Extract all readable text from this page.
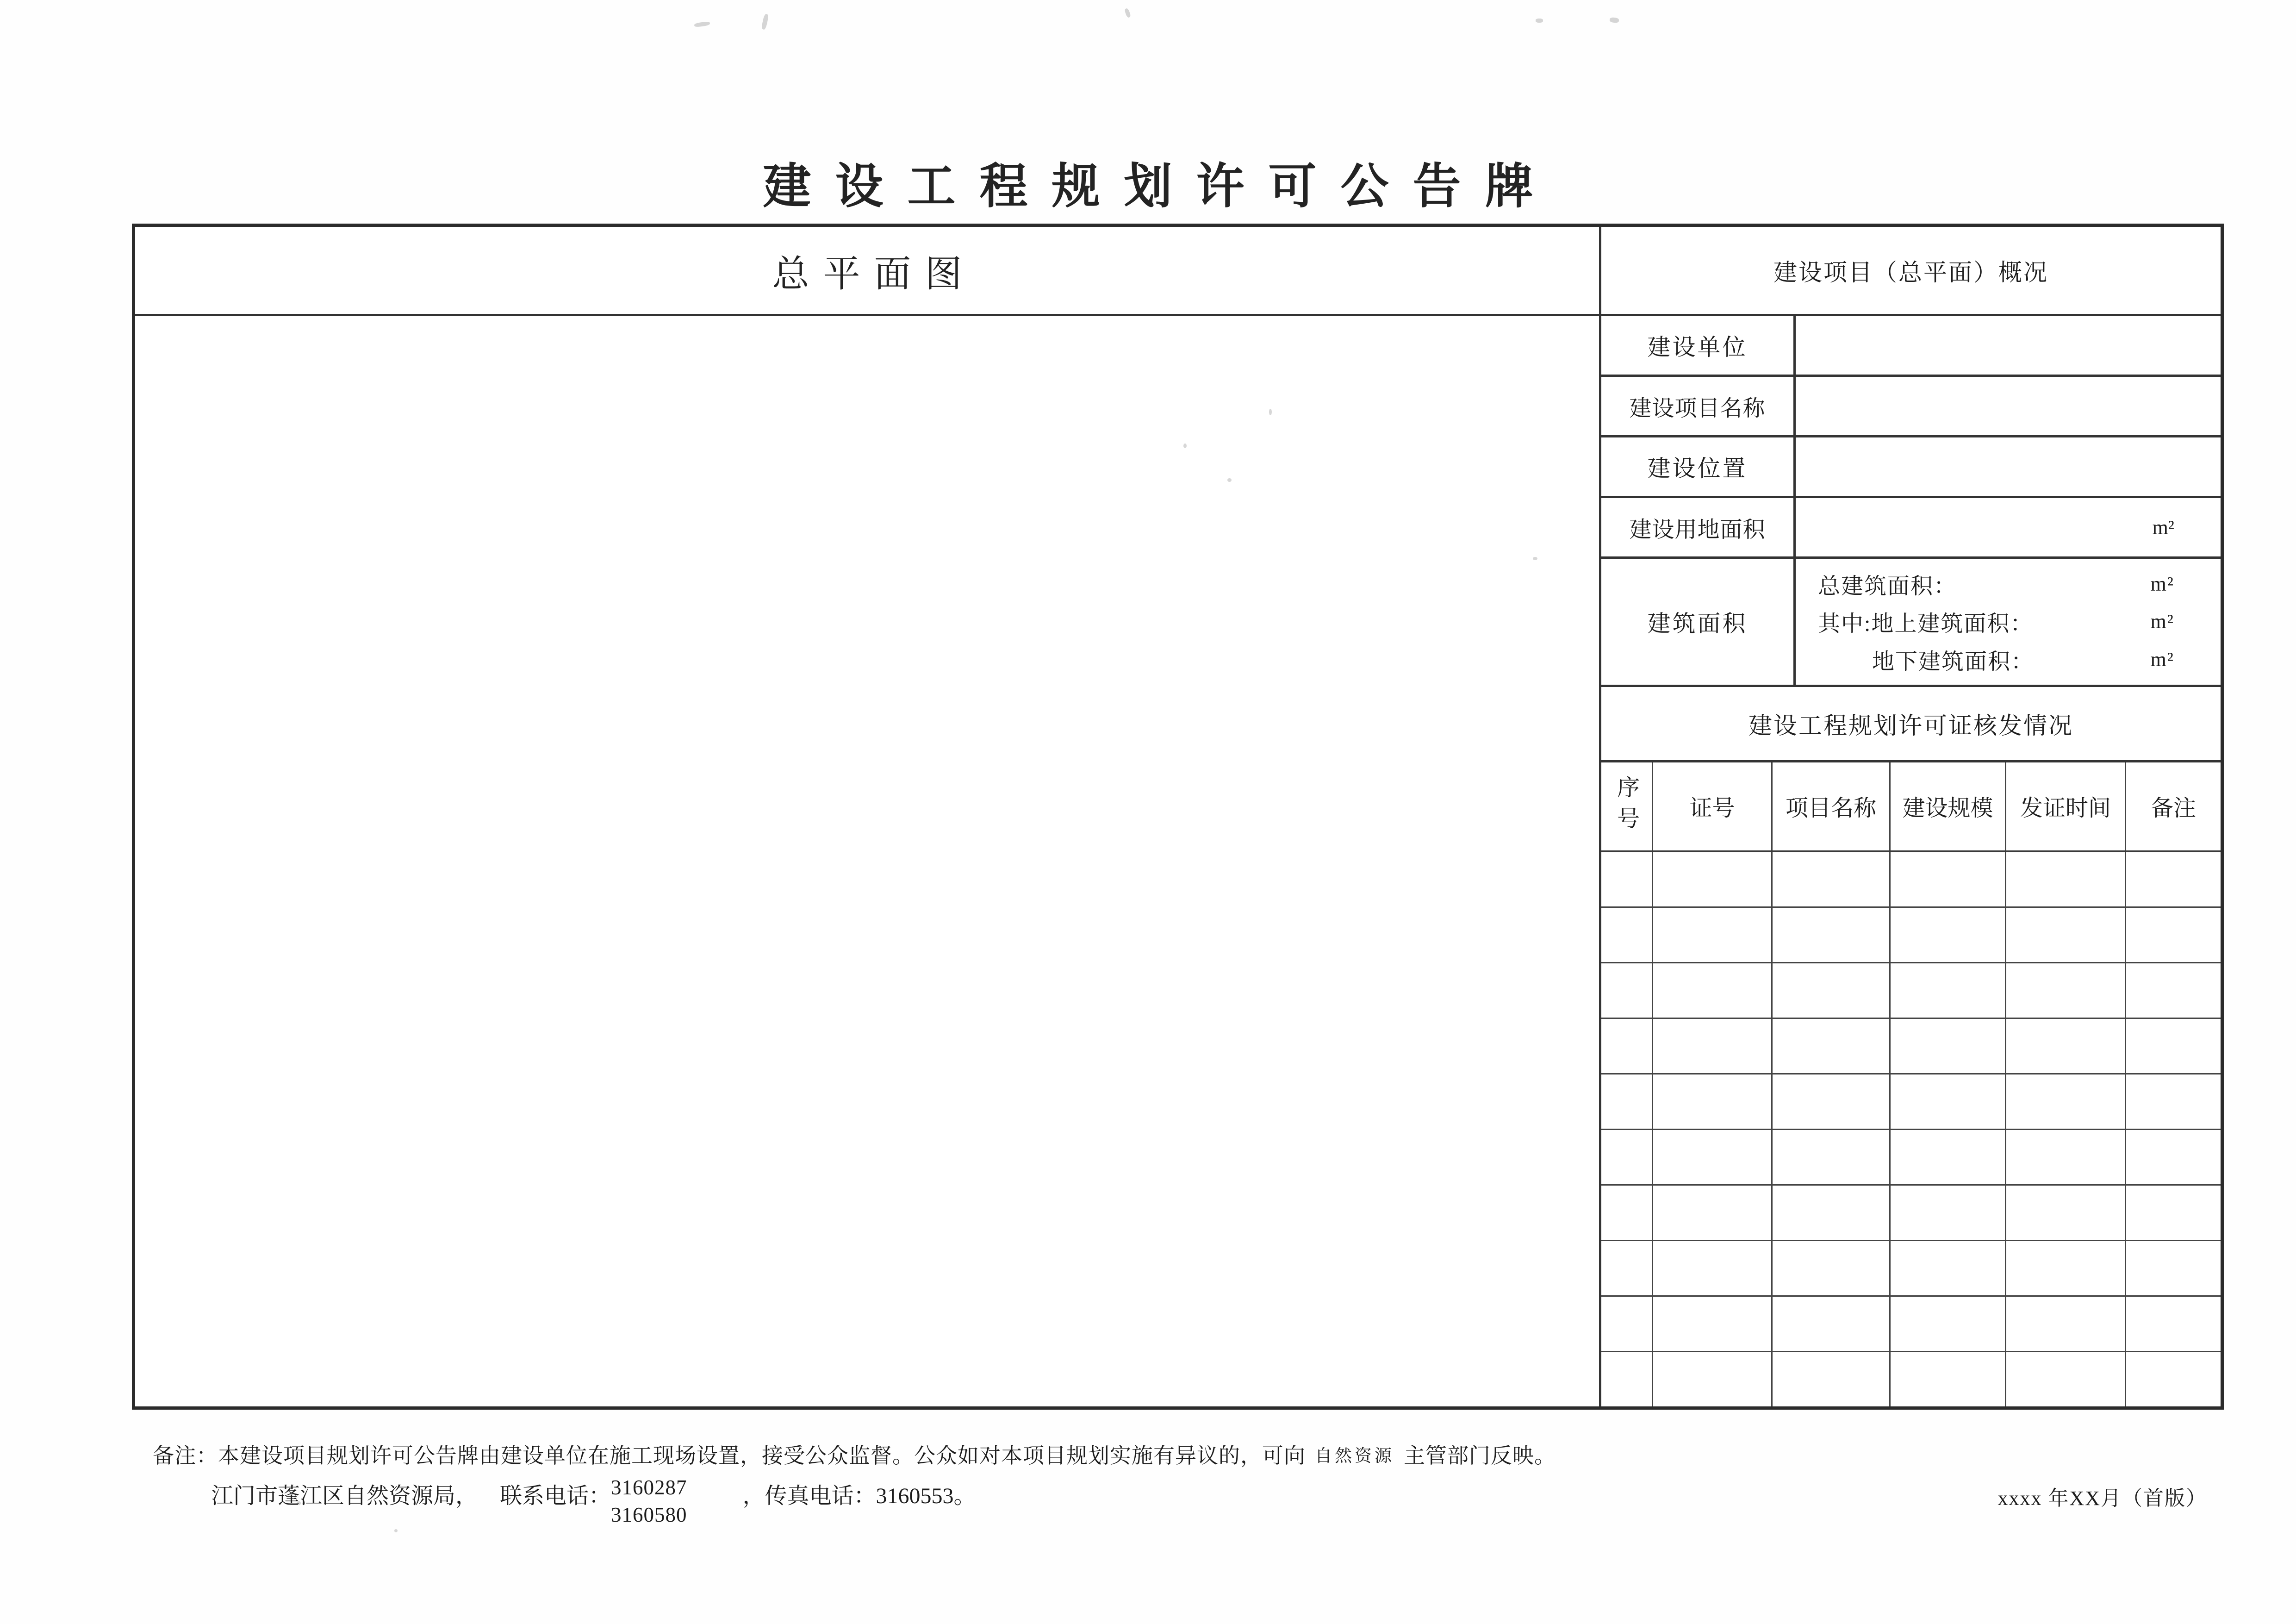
建设工程规划许可公告牌
总平面图	建设项目（总平面）概况
建设单位
建设项目名称
建设位置
建设用地面积	m²
建筑面积
总建筑面积：	m²
其中:地上建筑面积：	m²
地下建筑面积：	m²
建设工程规划许可证核发情况
序号 证号 项目名称 建设规模 发证时间 备注
备注：本建设项目规划许可公告牌由建设单位在施工现场设置，接受公众监督。公众如对本项目规划实施有异议的，可向 自然资源 主管部门反映。
江门市蓬江区自然资源局， 联系电话： 3160287
3160580
，传真电话：3160553。	xxxx 年XX月（首版）
